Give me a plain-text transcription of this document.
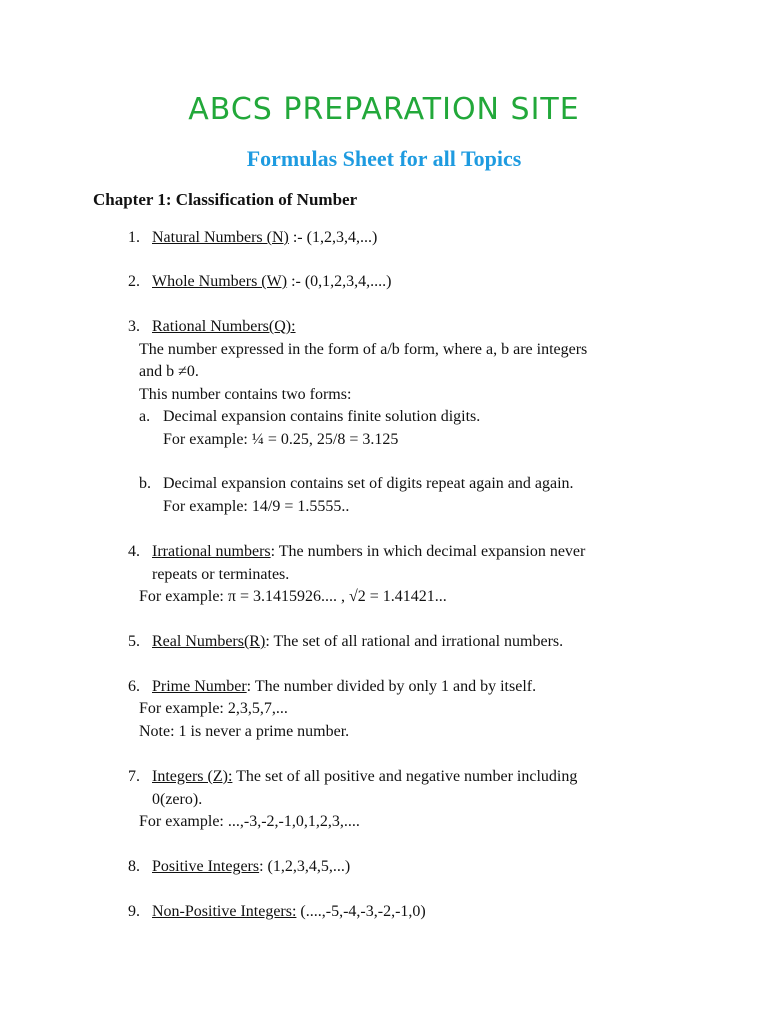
ABCS PREPARATION SITE
Formulas Sheet for all Topics
Chapter 1: Classification of Number
1. Natural Numbers (N) :- (1,2,3,4,...)
2. Whole Numbers (W) :- (0,1,2,3,4,....)
3. Rational Numbers(Q):
The number expressed in the form of a/b form, where a, b are integers
and b ≠0.
This number contains two forms:
a. Decimal expansion contains finite solution digits.
For example: ¼ = 0.25, 25/8 = 3.125
b. Decimal expansion contains set of digits repeat again and again.
For example: 14/9 = 1.5555..
4. Irrational numbers: The numbers in which decimal expansion never
repeats or terminates.
For example: π = 3.1415926.... , √2 = 1.41421...
5. Real Numbers(R): The set of all rational and irrational numbers.
6. Prime Number: The number divided by only 1 and by itself.
For example: 2,3,5,7,...
Note: 1 is never a prime number.
7. Integers (Z): The set of all positive and negative number including
0(zero).
For example: ...,-3,-2,-1,0,1,2,3,....
8. Positive Integers: (1,2,3,4,5,...)
9. Non-Positive Integers: (....,-5,-4,-3,-2,-1,0)
